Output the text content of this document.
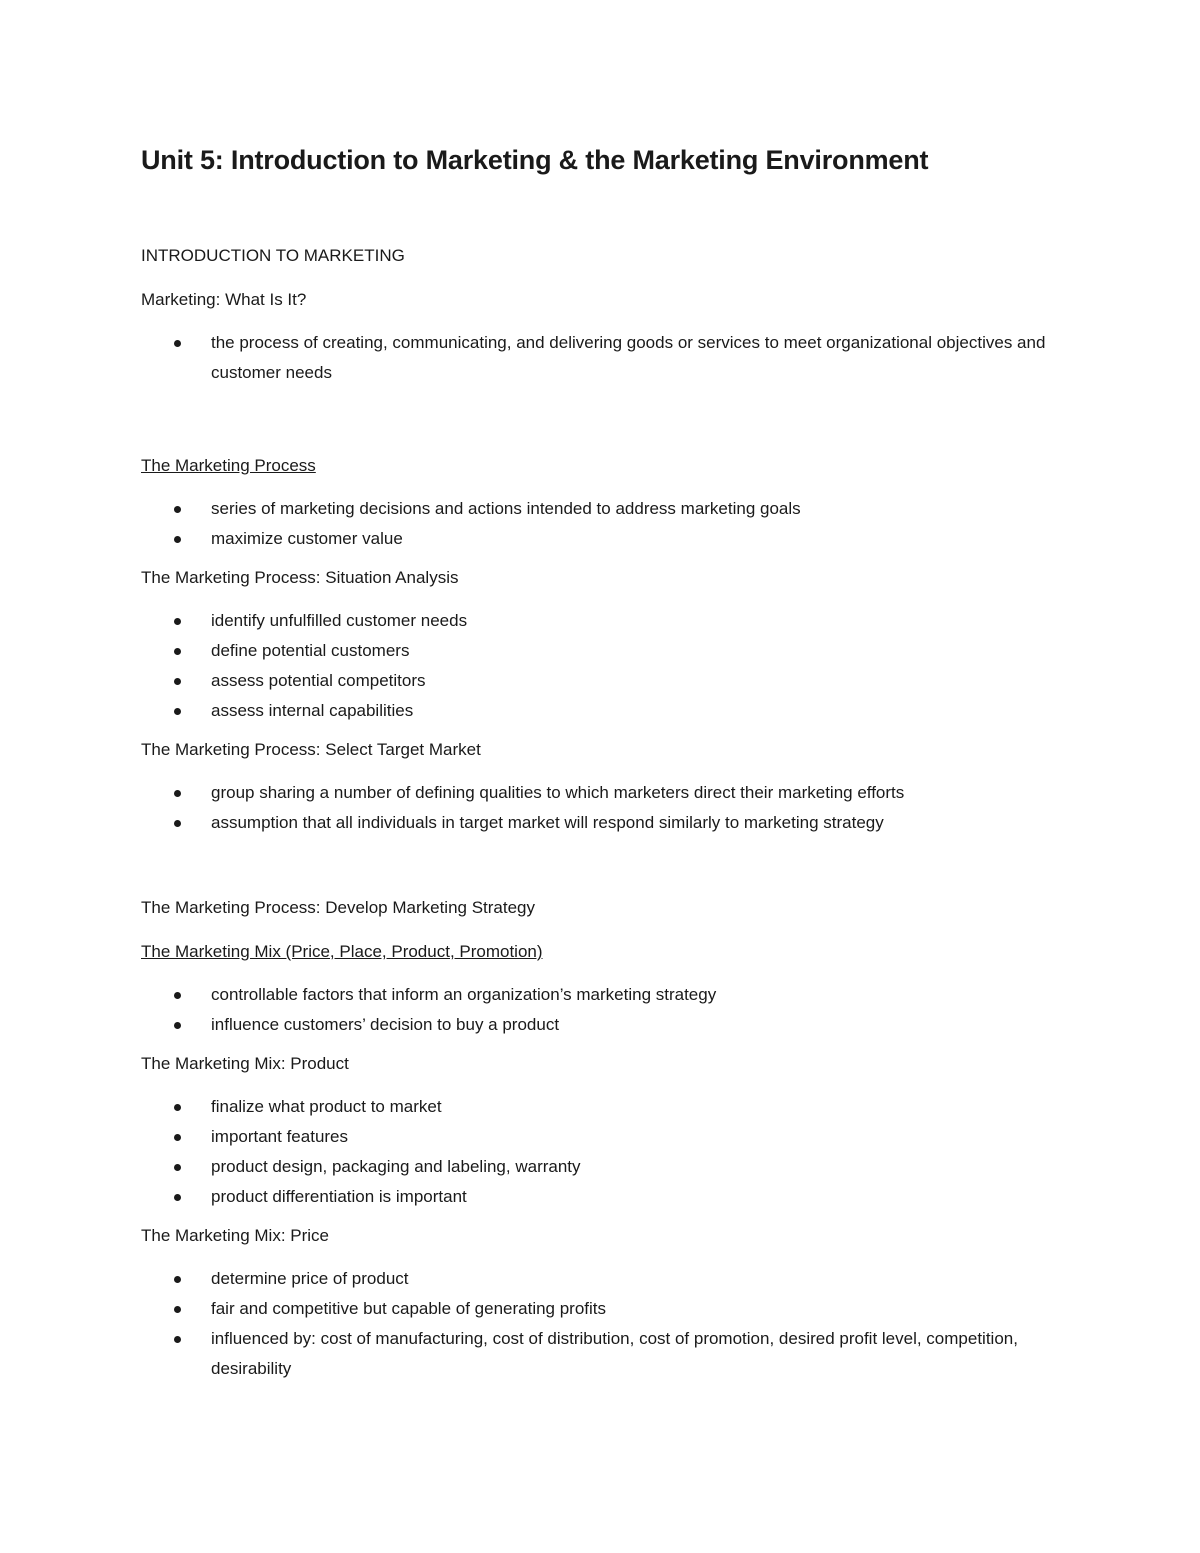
Unit 5: Introduction to Marketing & the Marketing Environment

INTRODUCTION TO MARKETING

Marketing: What Is It?

the process of creating, communicating, and delivering goods or services to meet organizational objectives and customer needs

The Marketing Process

series of marketing decisions and actions intended to address marketing goals
maximize customer value

The Marketing Process: Situation Analysis

identify unfulfilled customer needs
define potential customers
assess potential competitors
assess internal capabilities

The Marketing Process: Select Target Market

group sharing a number of defining qualities to which marketers direct their marketing efforts
assumption that all individuals in target market will respond similarly to marketing strategy

The Marketing Process: Develop Marketing Strategy

The Marketing Mix (Price, Place, Product, Promotion)

controllable factors that inform an organization’s marketing strategy
influence customers’ decision to buy a product

The Marketing Mix: Product

finalize what product to market
important features
product design, packaging and labeling, warranty
product differentiation is important

The Marketing Mix: Price

determine price of product
fair and competitive but capable of generating profits
influenced by: cost of manufacturing, cost of distribution, cost of promotion, desired profit level, competition, desirability
